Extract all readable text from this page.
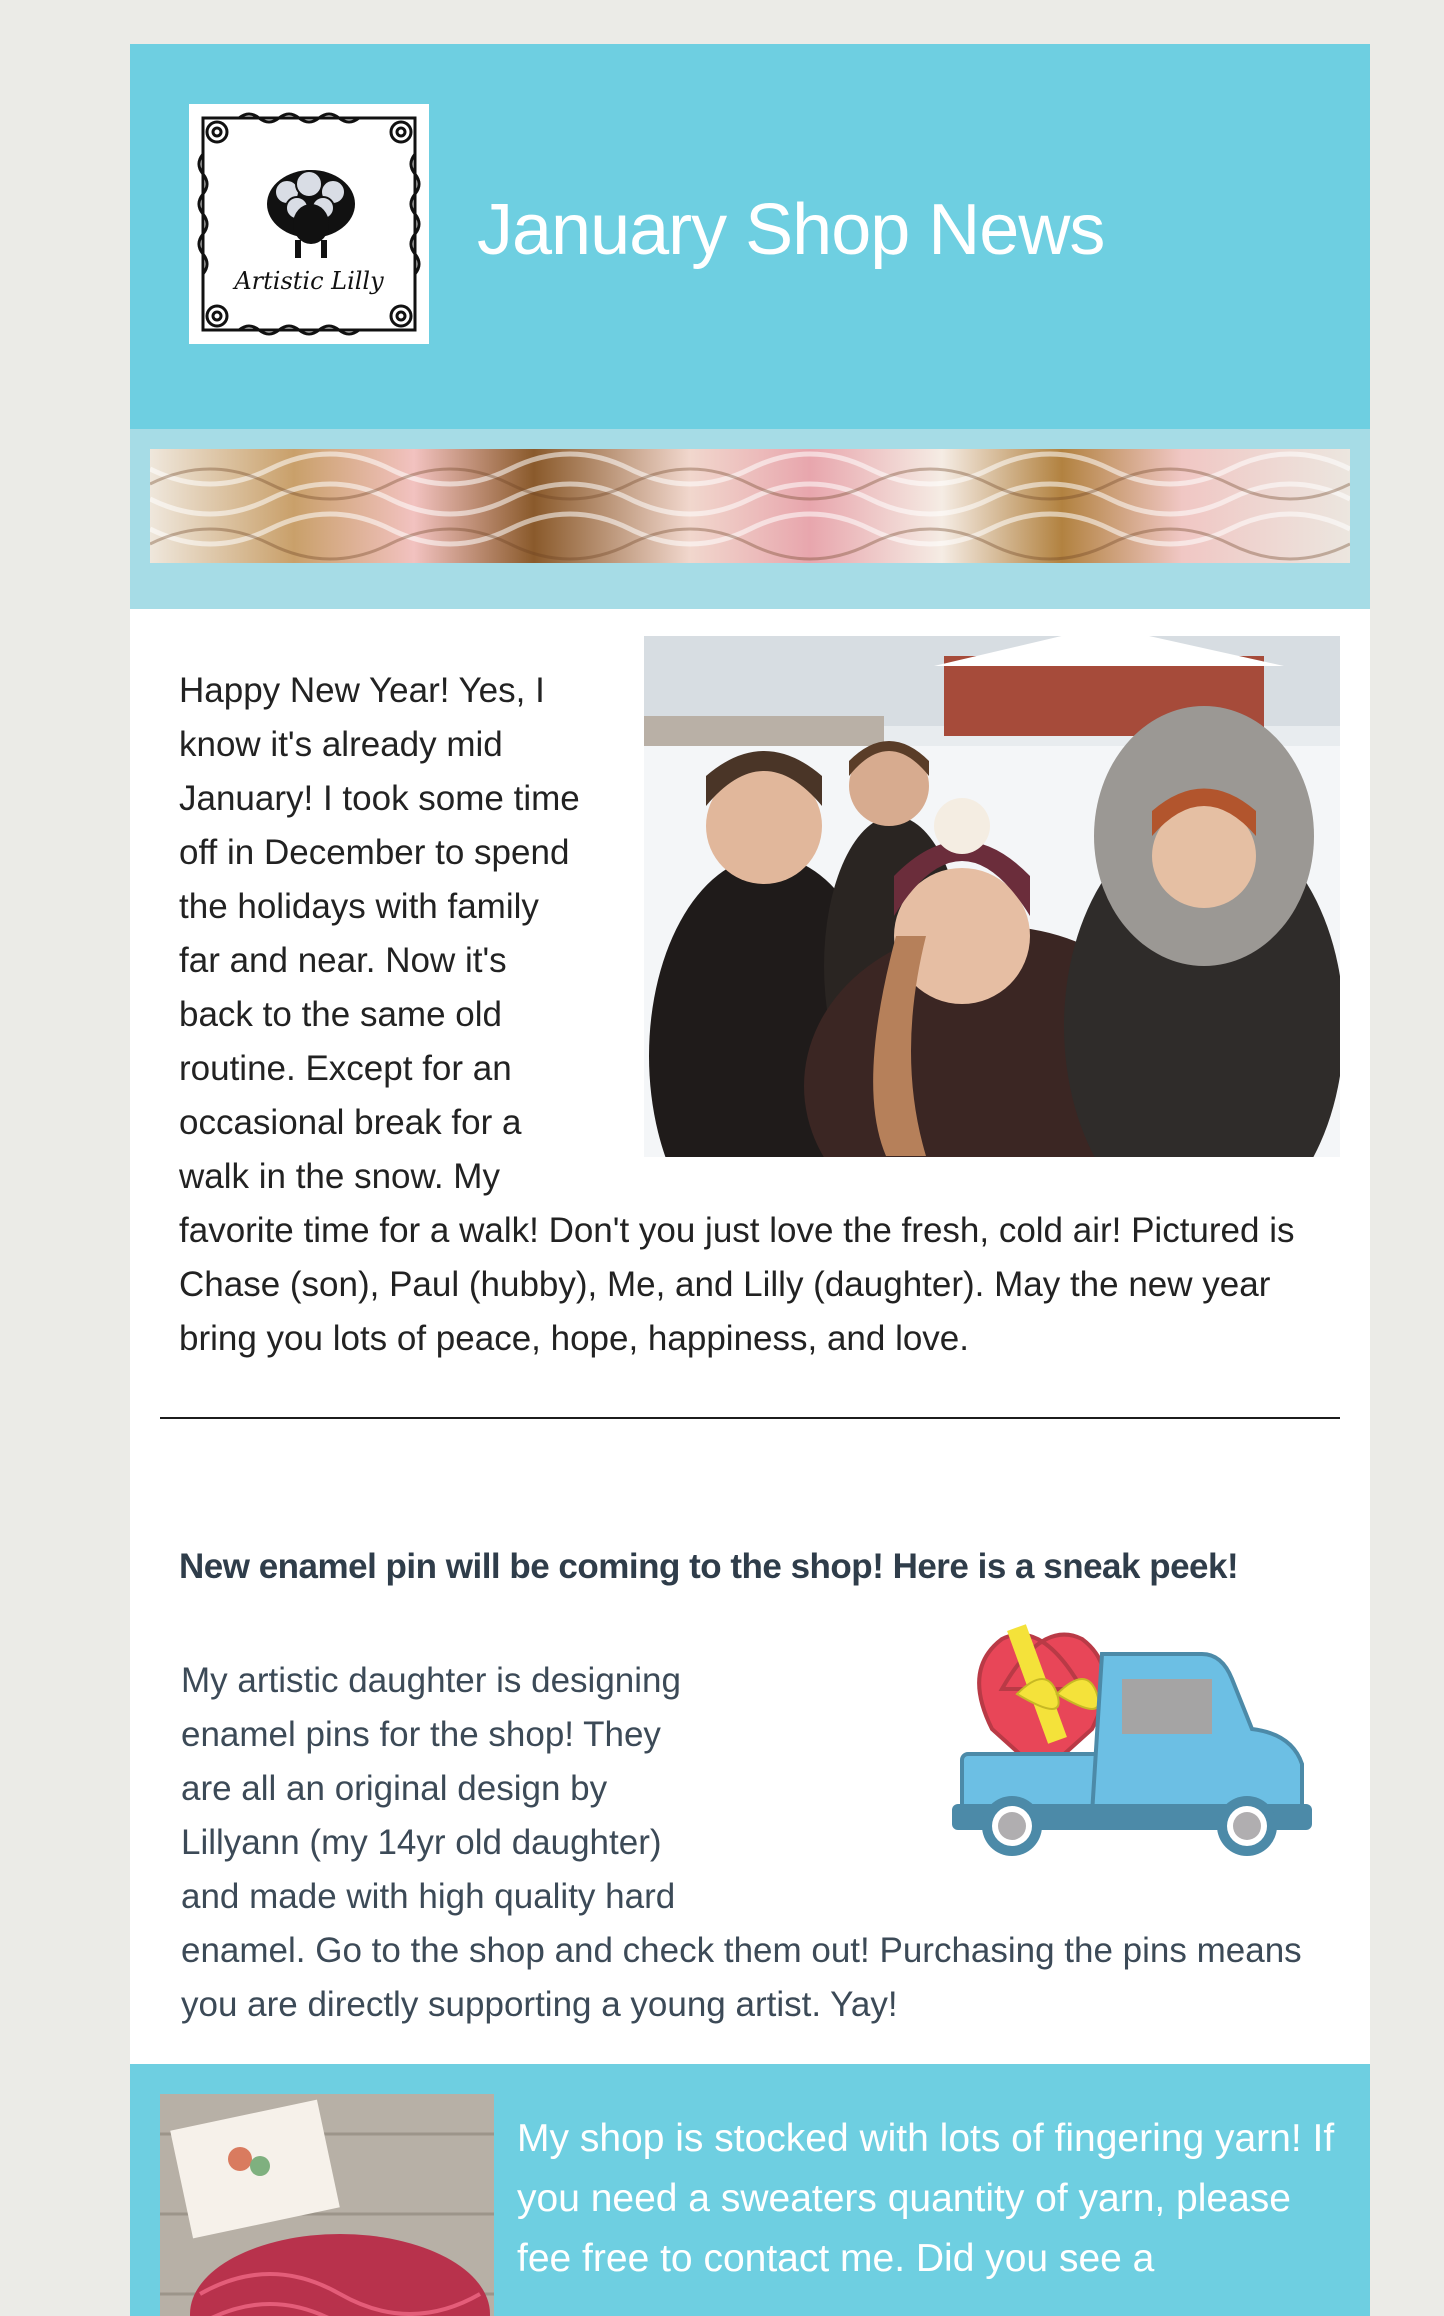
Artistic Lilly
January Shop News

Happy New Year! Yes, I know it's already mid January! I took some time off in December to spend the holidays with family far and near. Now it's back to the same old routine. Except for an occasional break for a walk in the snow. My favorite time for a walk! Don't you just love the fresh, cold air! Pictured is Chase (son), Paul (hubby), Me, and Lilly (daughter). May the new year bring you lots of peace, hope, happiness, and love.

New enamel pin will be coming to the shop! Here is a sneak peek!

My artistic daughter is designing enamel pins for the shop! They are all an original design by Lillyann (my 14yr old daughter) and made with high quality hard enamel. Go to the shop and check them out! Purchasing the pins means you are directly supporting a young artist. Yay!

My shop is stocked with lots of fingering yarn! If you need a sweaters quantity of yarn, please fee free to contact me. Did you see a
